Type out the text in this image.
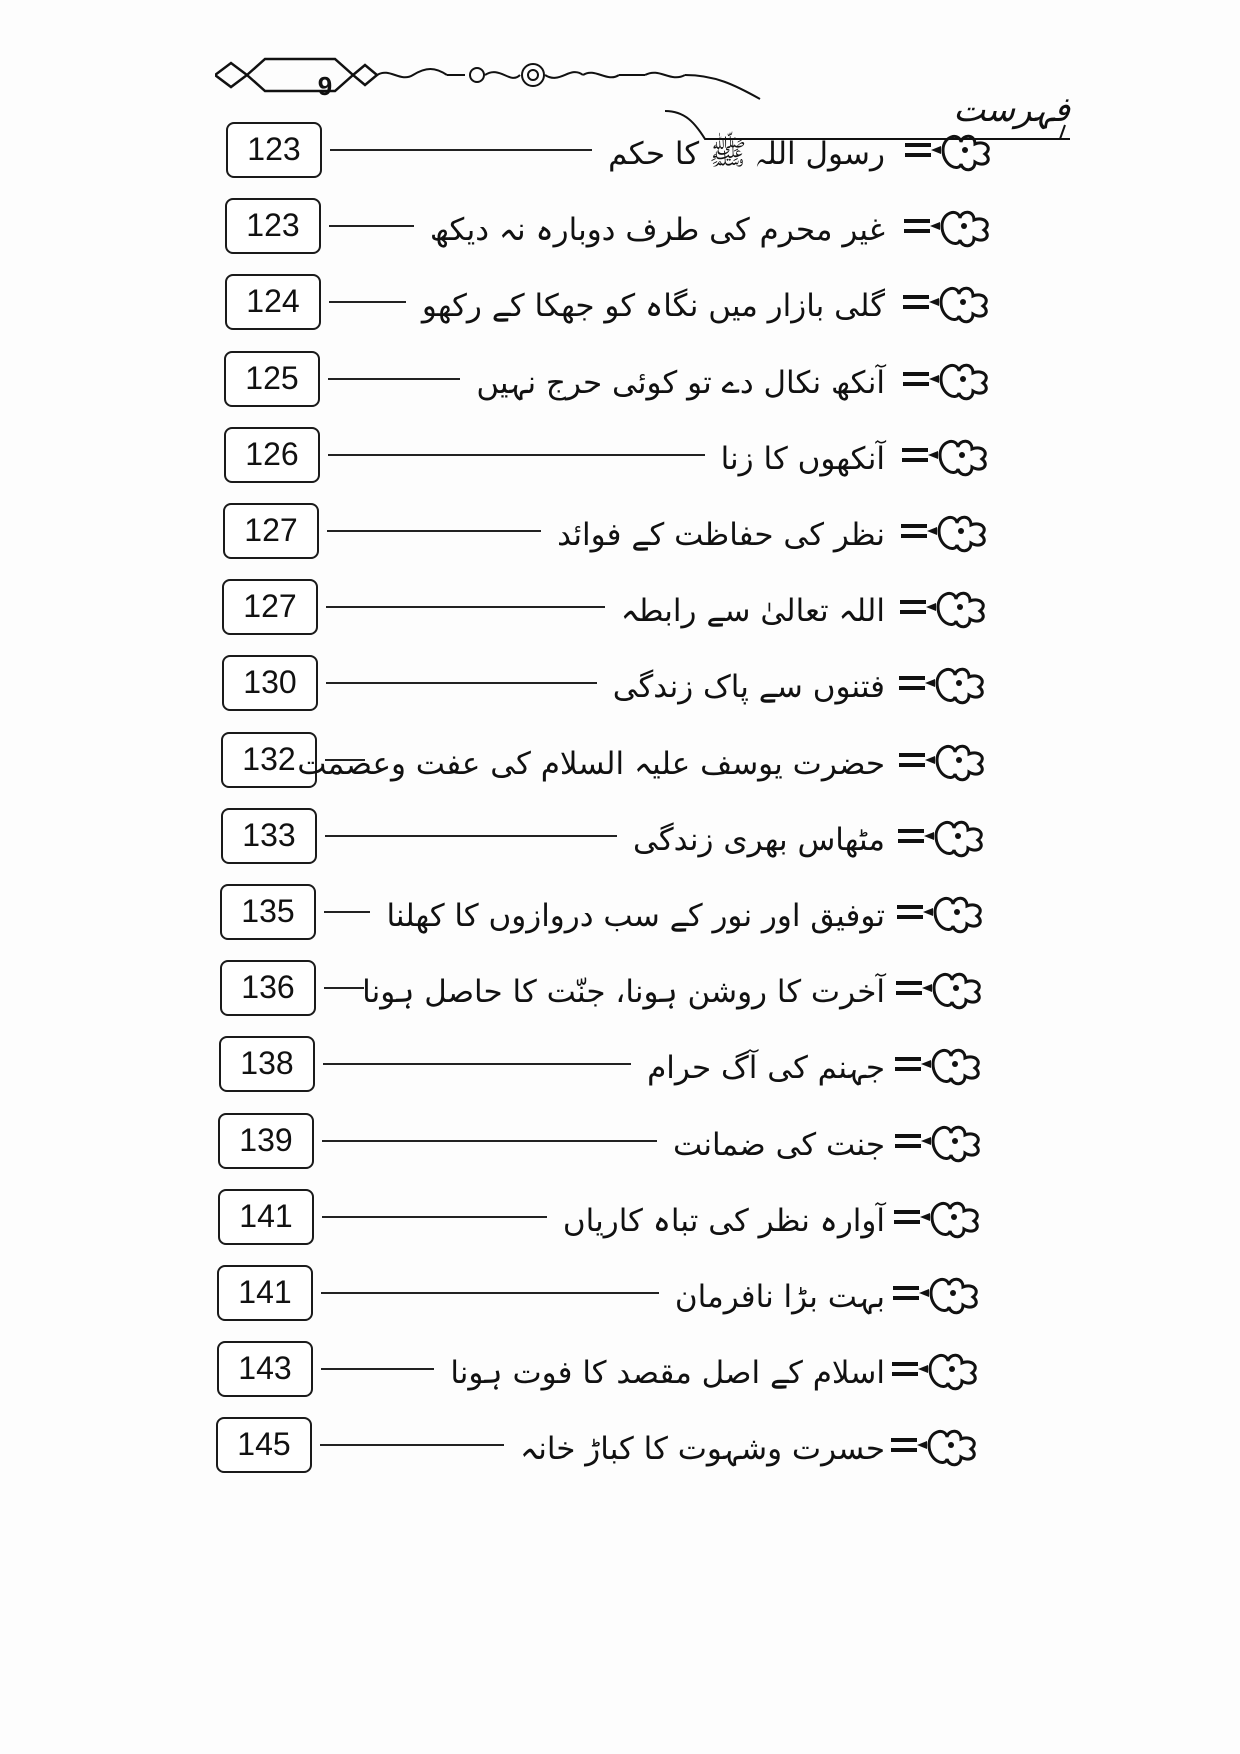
9
فہرست
123	رسول اللہ ﷺ کا حکم
123	غیر محرم کی طرف دوبارہ نہ دیکھ
124	گلی بازار میں نگاہ کو جھکا کے رکھو
125	آنکھ نکال دے تو کوئی حرج نہیں
126	آنکھوں کا زنا
127	نظر کی حفاظت کے فوائد
127	اللہ تعالیٰ سے رابطہ
130	فتنوں سے پاک زندگی
132 حضرت یوسف علیہ السلام کی عفت وعصمت
133	مٹھاس بھری زندگی
135	توفیق اور نور کے سب دروازوں کا کھلنا
136	آخرت کا روشن ہونا، جنّت کا حاصل ہونا
138	جہنم کی آگ حرام
139	جنت کی ضمانت
141	آوارہ نظر کی تباہ کاریاں
141	بہت بڑا نافرمان
143	اسلام کے اصل مقصد کا فوت ہونا
145	حسرت وشہوت کا کباڑ خانہ
